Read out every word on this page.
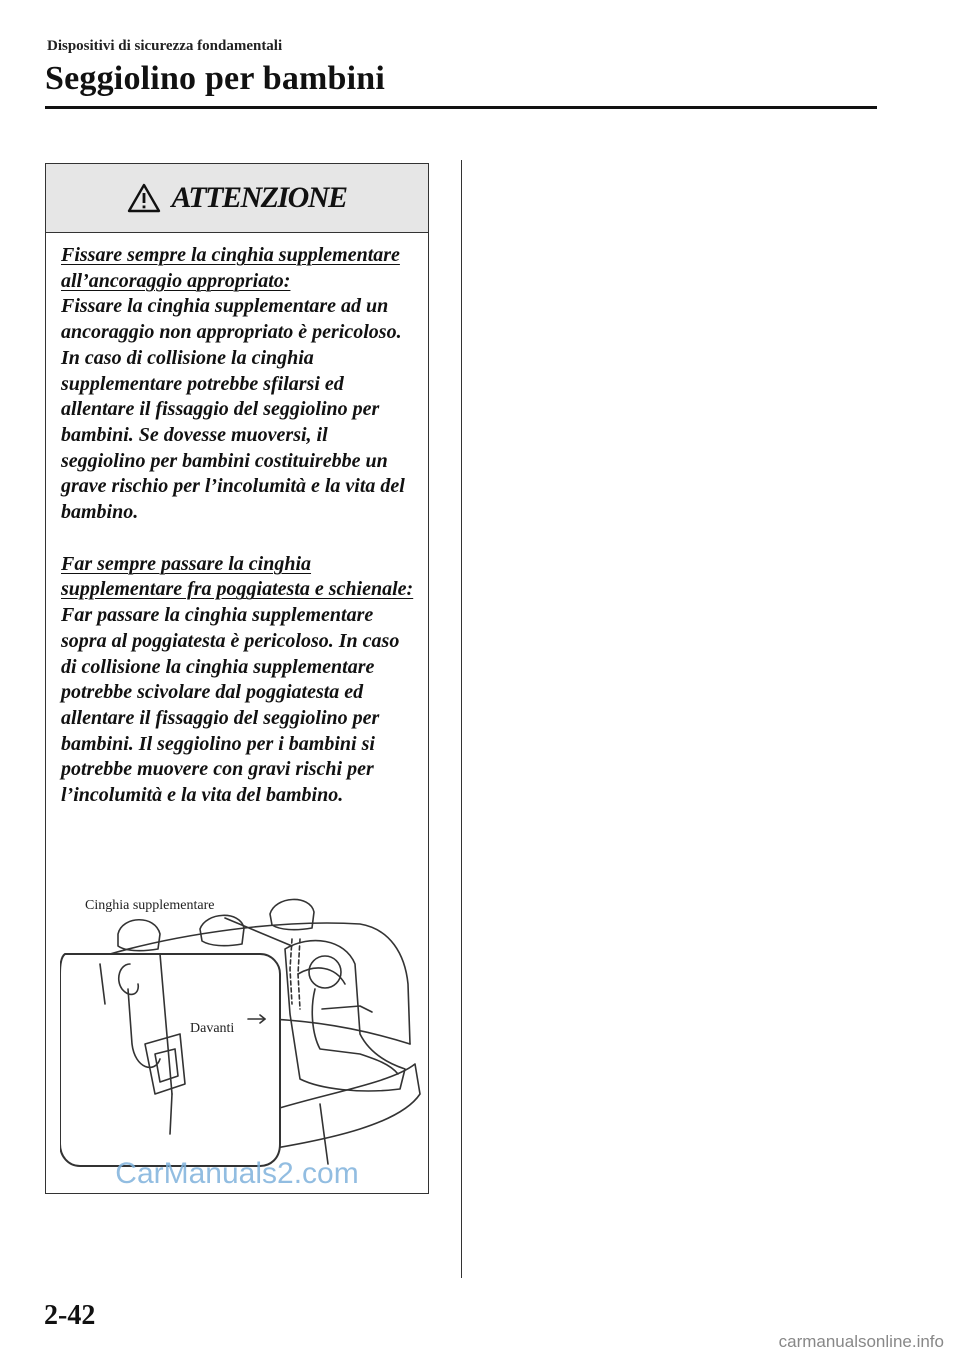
Dispositivi di sicurezza fondamentali
Seggiolino per bambini
ATTENZIONE

Fissare sempre la cinghia supplementare all’ancoraggio appropriato:

Fissare la cinghia supplementare ad un ancoraggio non appropriato è pericoloso. In caso di collisione la cinghia supplementare potrebbe sfilarsi ed allentare il fissaggio del seggiolino per bambini. Se dovesse muoversi, il seggiolino per bambini costituirebbe un grave rischio per l’incolumità e la vita del bambino.

Far sempre passare la cinghia supplementare fra poggiatesta e schienale:

Far passare la cinghia supplementare sopra al poggiatesta è pericoloso. In caso di collisione la cinghia supplementare potrebbe scivolare dal poggiatesta ed allentare il fissaggio del seggiolino per bambini. Il seggiolino per i bambini si potrebbe muovere con gravi rischi per l’incolumità e la vita del bambino.

Cinghia supplementare
Davanti
CarManuals2.com
2-42
carmanualsonline.info
